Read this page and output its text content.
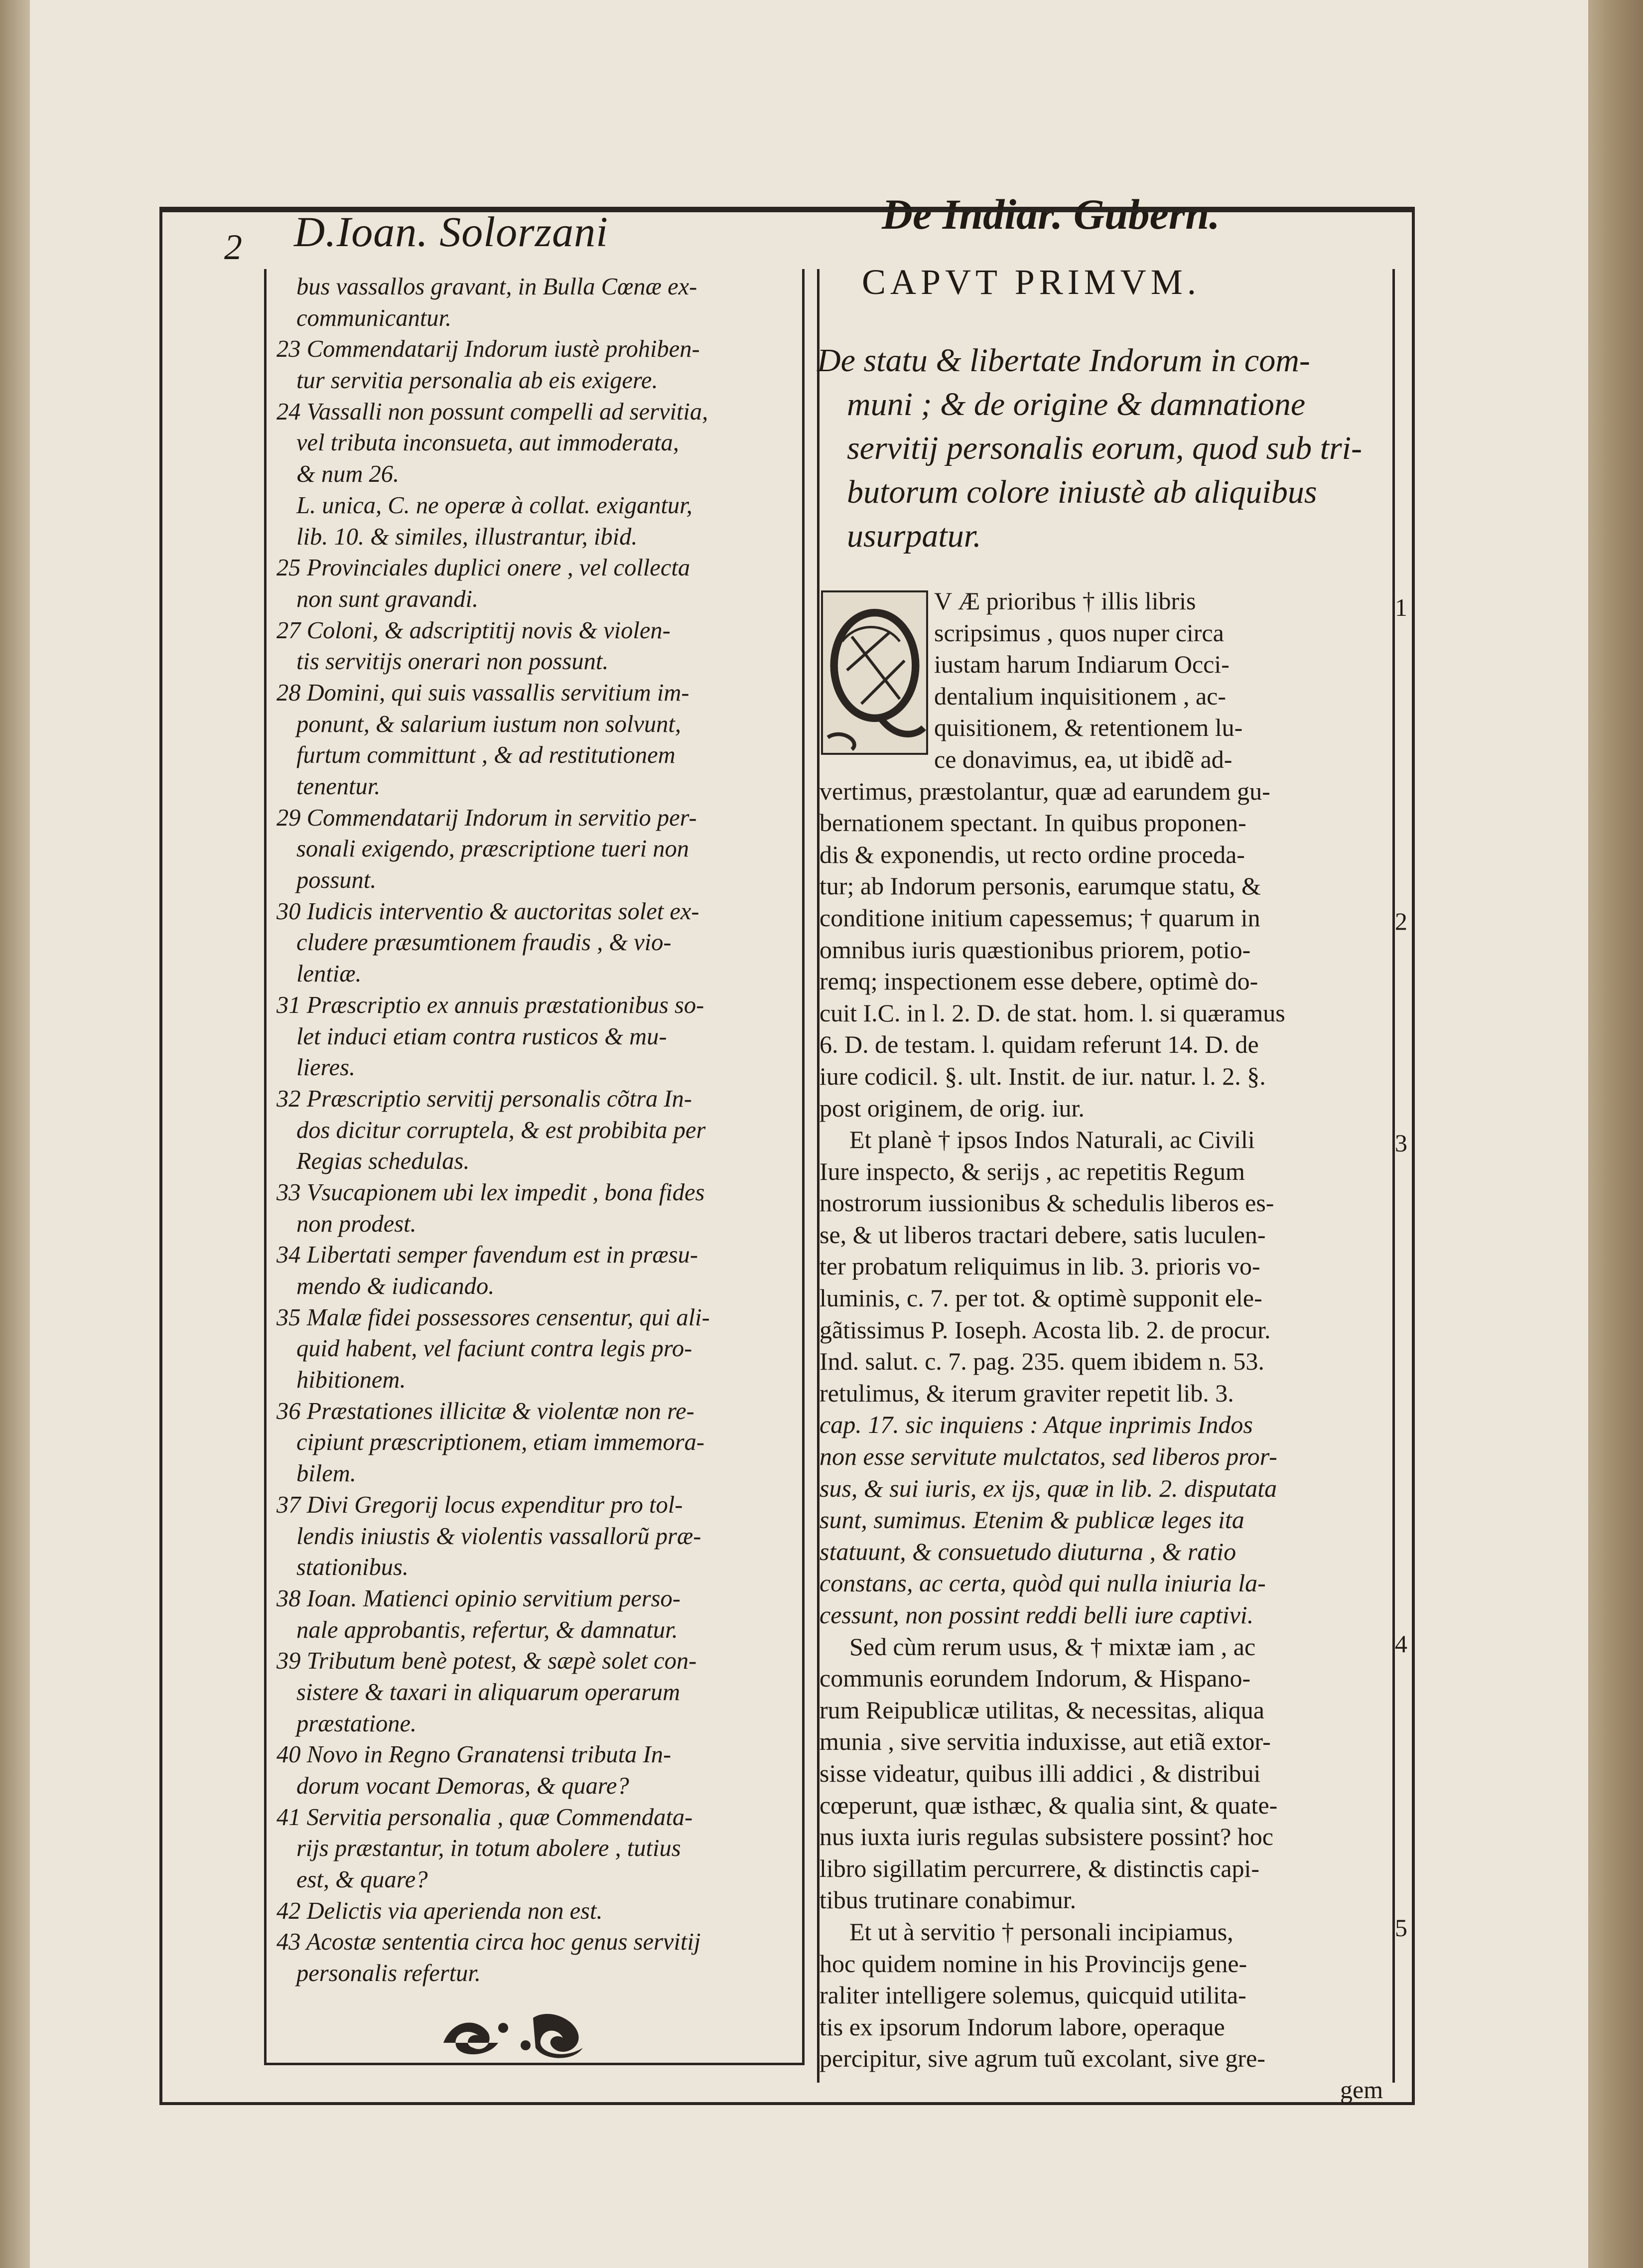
2 D.Ioan. Solorzani	De Indiar. Gubern.
bus vassallos gravant, in Bulla Cœnæ ex-
communicantur.
23 Commendatarij Indorum iustè prohiben-
tur servitia personalia ab eis exigere.
24 Vassalli non possunt compelli ad servitia,
vel tributa inconsueta, aut immoderata,
& num 26.
L. unica, C. ne operæ à collat. exigantur,
lib. 10. & similes, illustrantur, ibid.
25 Provinciales duplici onere , vel collecta
non sunt gravandi.
27 Coloni, & adscriptitij novis & violen-
tis servitijs onerari non possunt.
28 Domini, qui suis vassallis servitium im-
ponunt, & salarium iustum non solvunt,
furtum committunt , & ad restitutionem
tenentur.
29 Commendatarij Indorum in servitio per-
sonali exigendo, præscriptione tueri non
possunt.
30 Iudicis interventio & auctoritas solet ex-
cludere præsumtionem fraudis , & vio-
lentiæ.
31 Præscriptio ex annuis præstationibus so-
let induci etiam contra rusticos & mu-
lieres.
32 Præscriptio servitij personalis cõtra In-
dos dicitur corruptela, & est probibita per
Regias schedulas.
33 Vsucapionem ubi lex impedit , bona fides
non prodest.
34 Libertati semper favendum est in præsu-
mendo & iudicando.
35 Malæ fidei possessores censentur, qui ali-
quid habent, vel faciunt contra legis pro-
hibitionem.
36 Præstationes illicitæ & violentæ non re-
cipiunt præscriptionem, etiam immemora-
bilem.
37 Divi Gregorij locus expenditur pro tol-
lendis iniustis & violentis vassallorũ præ-
stationibus.
38 Ioan. Matienci opinio servitium perso-
nale approbantis, refertur, & damnatur.
39 Tributum benè potest, & sæpè solet con-
sistere & taxari in aliquarum operarum
præstatione.
40 Novo in Regno Granatensi tributa In-
dorum vocant Demoras, & quare?
41 Servitia personalia , quæ Commendata-
rijs præstantur, in totum abolere , tutius
est, & quare?
42 Delictis via aperienda non est.
43 Acostæ sententia circa hoc genus servitij
personalis refertur.
CAPVT PRIMVM.
De statu & libertate Indorum in com-
muni ; & de origine & damnatione
servitij personalis eorum, quod sub tri-
butorum colore iniustè ab aliquibus
usurpatur.
V Æ prioribus † illis libris
scripsimus , quos nuper circa
iustam harum Indiarum Occi-
dentalium inquisitionem , ac-
quisitionem, & retentionem lu-
ce donavimus, ea, ut ibidẽ ad-
vertimus, præstolantur, quæ ad earundem gu-
bernationem spectant. In quibus proponen-
dis & exponendis, ut recto ordine proceda-
tur; ab Indorum personis, earumque statu, &
conditione initium capessemus; † quarum in
omnibus iuris quæstionibus priorem, potio-
remq; inspectionem esse debere, optimè do-
cuit I.C. in l. 2. D. de stat. hom. l. si quæramus
6. D. de testam. l. quidam referunt 14. D. de
iure codicil. §. ult. Instit. de iur. natur. l. 2. §.
post originem, de orig. iur.
Et planè † ipsos Indos Naturali, ac Civili
Iure inspecto, & serijs , ac repetitis Regum
nostrorum iussionibus & schedulis liberos es-
se, & ut liberos tractari debere, satis luculen-
ter probatum reliquimus in lib. 3. prioris vo-
luminis, c. 7. per tot. & optimè supponit ele-
gãtissimus P. Ioseph. Acosta lib. 2. de procur.
Ind. salut. c. 7. pag. 235. quem ibidem n. 53.
retulimus, & iterum graviter repetit lib. 3.
cap. 17. sic inquiens : Atque inprimis Indos
non esse servitute mulctatos, sed liberos pror-
sus, & sui iuris, ex ijs, quæ in lib. 2. disputata
sunt, sumimus. Etenim & publicæ leges ita
statuunt, & consuetudo diuturna , & ratio
constans, ac certa, quòd qui nulla iniuria la-
cessunt, non possint reddi belli iure captivi.
Sed cùm rerum usus, & † mixtæ iam , ac
communis eorundem Indorum, & Hispano-
rum Reipublicæ utilitas, & necessitas, aliqua
munia , sive servitia induxisse, aut etiã extor-
sisse videatur, quibus illi addici , & distribui
cœperunt, quæ isthæc, & qualia sint, & quate-
nus iuxta iuris regulas subsistere possint? hoc
libro sigillatim percurrere, & distinctis capi-
tibus trutinare conabimur.
Et ut à servitio † personali incipiamus,
hoc quidem nomine in his Provincijs gene-
raliter intelligere solemus, quicquid utilita-
tis ex ipsorum Indorum labore, operaque
percipitur, sive agrum tuũ excolant, sive gre-
1
2
3
4
5
gem
